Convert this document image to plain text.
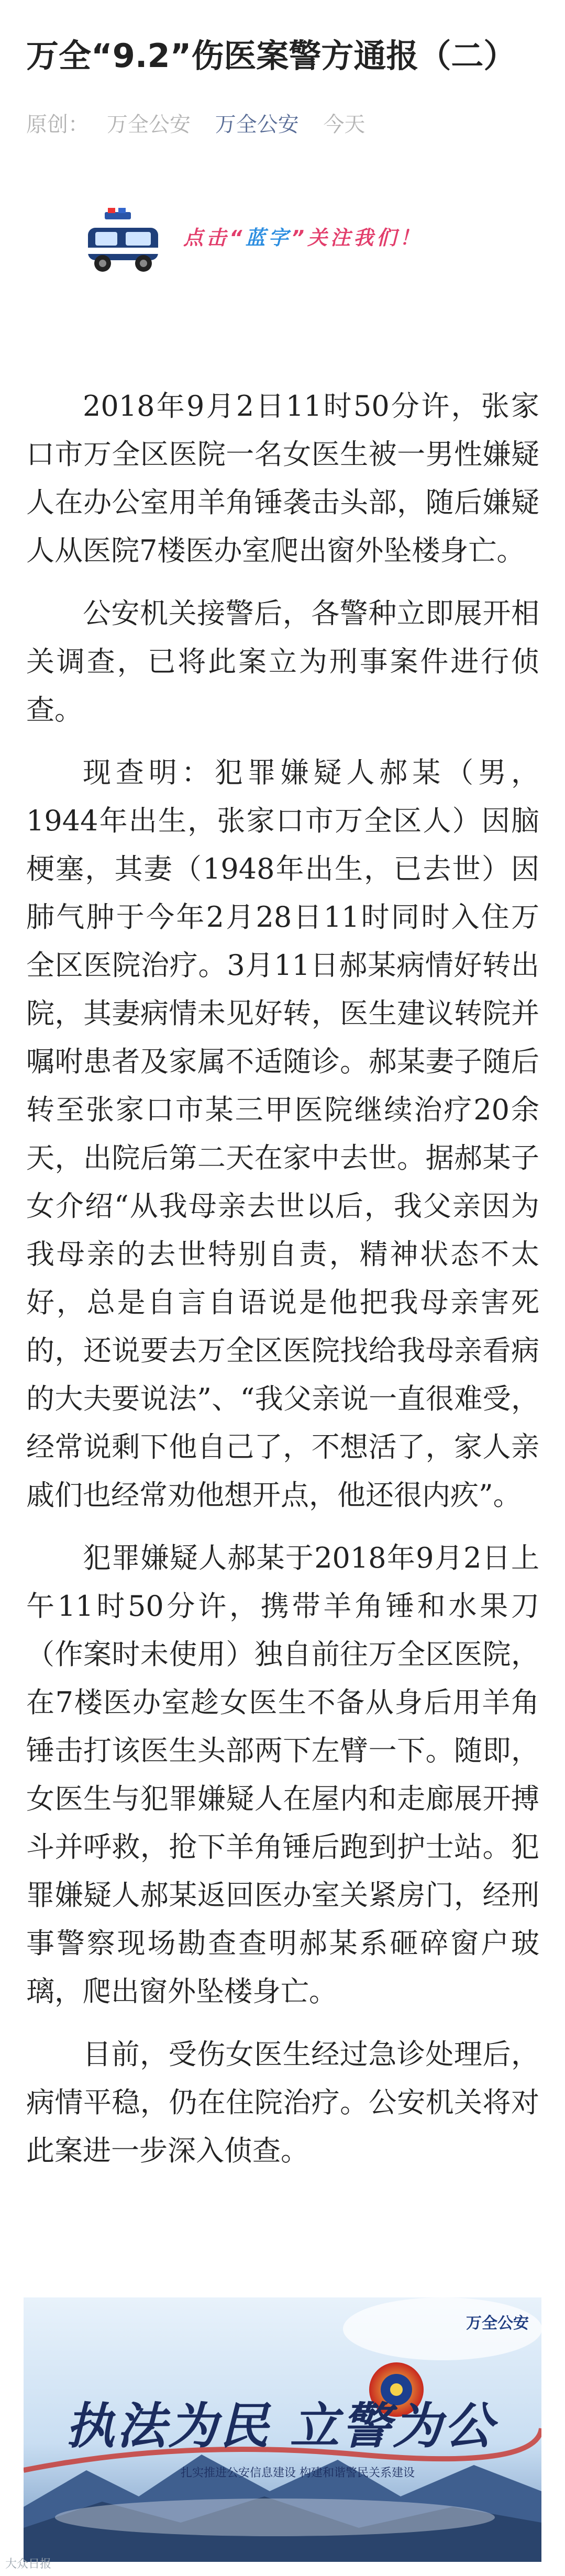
万全“9.2”伤医案警方通报（二）
原创： 万全公安 万全公安 今天
点击“蓝字”关注我们！

2018年9月2日11时50分许，张家口市万全区医院一名女医生被一男性嫌疑人在办公室用羊角锤袭击头部，随后嫌疑人从医院7楼医办室爬出窗外坠楼身亡。

公安机关接警后，各警种立即展开相关调查，已将此案立为刑事案件进行侦查。

现查明：犯罪嫌疑人郝某（男，1944年出生，张家口市万全区人）因脑梗塞，其妻（1948年出生，已去世）因肺气肿于今年2月28日11时同时入住万全区医院治疗。3月11日郝某病情好转出院，其妻病情未见好转，医生建议转院并嘱咐患者及家属不适随诊。郝某妻子随后转至张家口市某三甲医院继续治疗20余天，出院后第二天在家中去世。据郝某子女介绍“从我母亲去世以后，我父亲因为我母亲的去世特别自责，精神状态不太好，总是自言自语说是他把我母亲害死的，还说要去万全区医院找给我母亲看病的大夫要说法”、“我父亲说一直很难受，经常说剩下他自己了，不想活了，家人亲戚们也经常劝他想开点，他还很内疚”。

犯罪嫌疑人郝某于2018年9月2日上午11时50分许，携带羊角锤和水果刀（作案时未使用）独自前往万全区医院，在7楼医办室趁女医生不备从身后用羊角锤击打该医生头部两下左臂一下。随即，女医生与犯罪嫌疑人在屋内和走廊展开搏斗并呼救，抢下羊角锤后跑到护士站。犯罪嫌疑人郝某返回医办室关紧房门，经刑事警察现场勘查查明郝某系砸碎窗户玻璃，爬出窗外坠楼身亡。

目前，受伤女医生经过急诊处理后，病情平稳，仍在住院治疗。公安机关将对此案进一步深入侦查。

万全公安
执法为民 立警为公
扎实推进公安信息建设 构建和谐警民关系建设
大众日报
